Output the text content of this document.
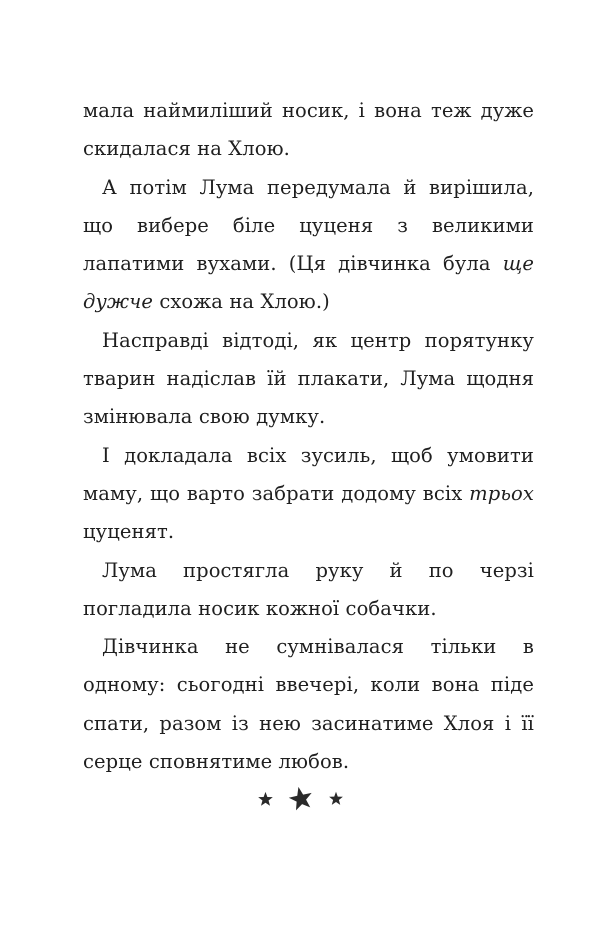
мала наймиліший носик, і вона теж дуже скидалася на Хлою.

А потім Лума передумала й вирішила, що вибере біле цуценя з великими лапатими вухами. (Ця дівчинка була ще дужче схожа на Хлою.)

Насправді відтоді, як центр порятунку тварин надіслав їй плакати, Лума щодня змінювала свою думку.

І докладала всіх зусиль, щоб умовити маму, що варто забрати додому всіх трьох цуценят.

Лума простягла руку й по черзі погладила носик кожної собачки.

Дівчинка не сумнівалася тільки в одному: сьогодні ввечері, коли вона піде спати, разом із нею засинатиме Хлоя і її серце сповнятиме любов.
